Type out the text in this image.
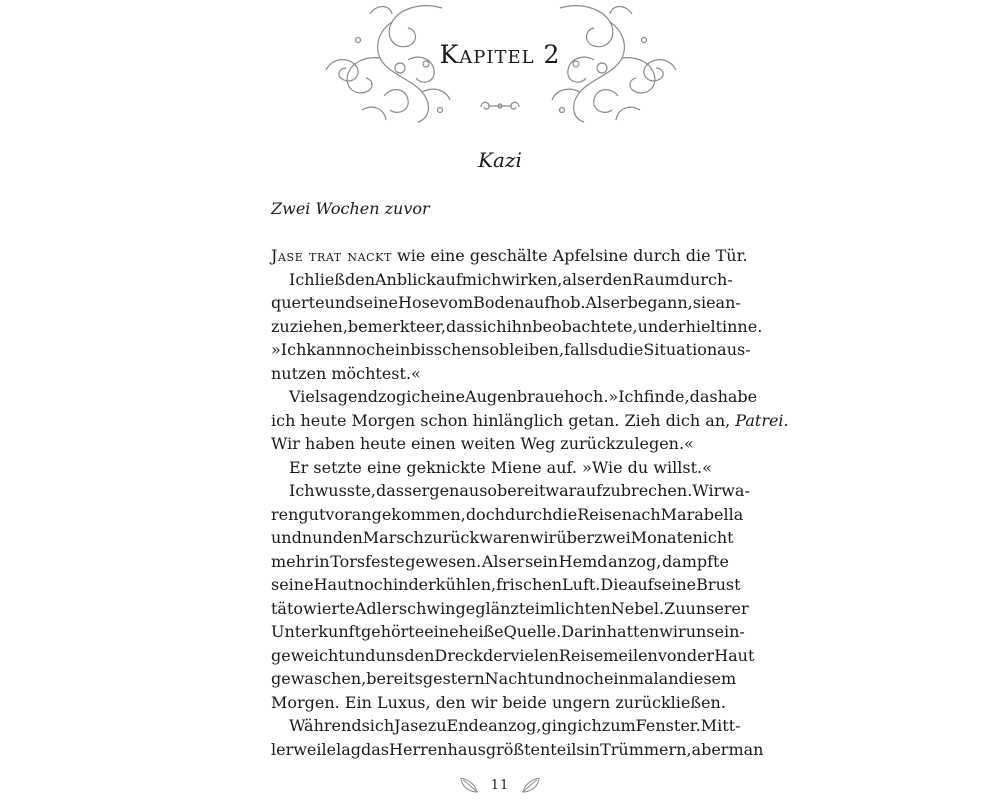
Kapitel 2
Kazi
Zwei Wochen zuvor
Jase trat nackt wie eine geschälte Apfelsine durch die Tür.
Ich ließ den Anblick auf mich wirken, als er den Raum durch-
querte und seine Hose vom Boden aufhob. Als er begann, sie an-
zuziehen, bemerkte er, dass ich ihn beobachtete, und er hielt inne.
»Ich kann noch ein bisschen so bleiben, falls du die Situation aus-
nutzen möchtest.«
Vielsagend zog ich eine Augenbraue hoch. »Ich finde, das habe
ich heute Morgen schon hinlänglich getan. Zieh dich an, Patrei.
Wir haben heute einen weiten Weg zurückzulegen.«
Er setzte eine geknickte Miene auf. »Wie du willst.«
Ich wusste, dass er genauso bereit war aufzubrechen. Wir wa-
ren gut vorangekommen, doch durch die Reise nach Marabella
und nun den Marsch zurück waren wir über zwei Monate nicht
mehr in Torsfeste gewesen. Als er sein Hemd anzog, dampfte
seine Haut noch in der kühlen, frischen Luft. Die auf seine Brust
tätowierte Adlerschwinge glänzte im lichten Nebel. Zu unserer
Unterkunft gehörte eine heiße Quelle. Darin hatten wir uns ein-
geweicht und uns den Dreck der vielen Reisemeilen von der Haut
gewaschen, bereits gestern Nacht und noch einmal an diesem
Morgen. Ein Luxus, den wir beide ungern zurückließen.
Während sich Jase zu Ende anzog, ging ich zum Fenster. Mitt-
lerweile lag das Herrenhaus größtenteils in Trümmern, aber man
11
